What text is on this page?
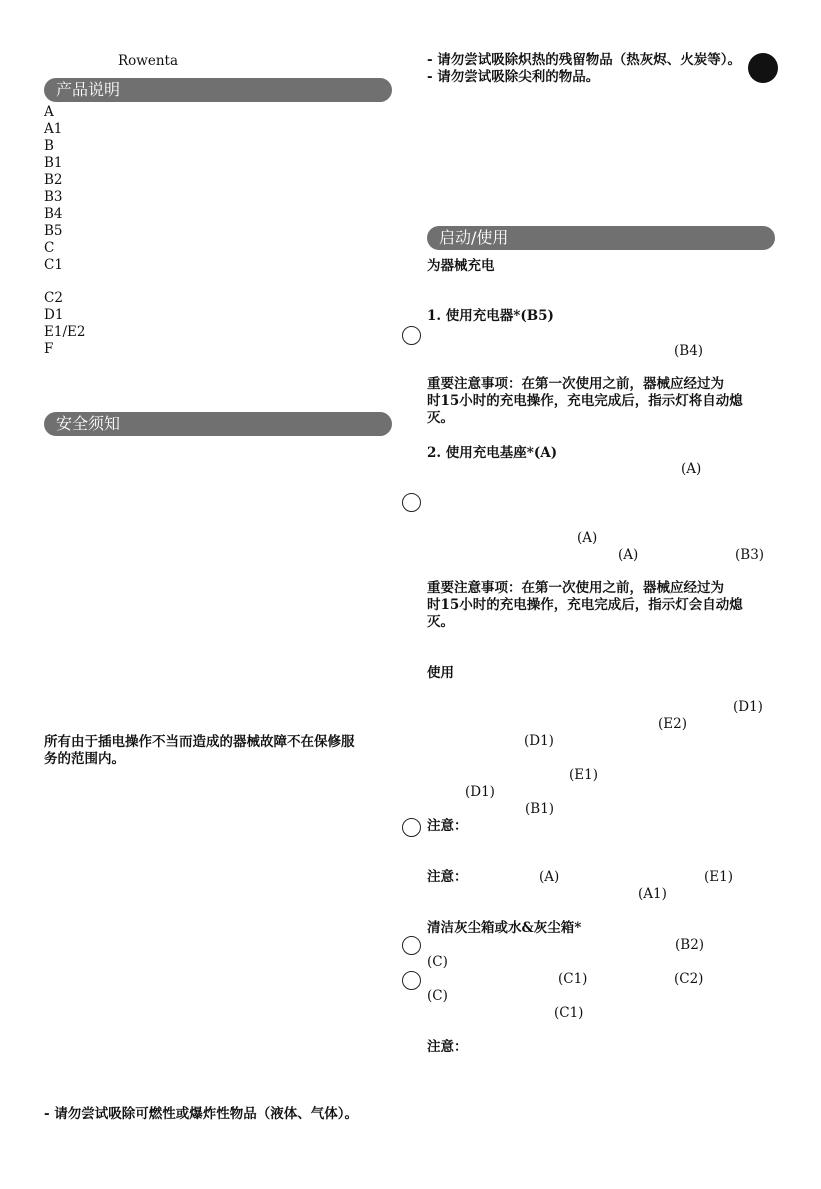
Rowenta
产品说明
A
A1
B
B1
B2
B3
B4
B5
C
C1
C2
D1
E1/E2
F
安全须知
所有由于插电操作不当而造成的器械故障不在保修服
务的范围内。
- 请勿尝试吸除可燃性或爆炸性物品（液体、气体）。
- 请勿尝试吸除炽热的残留物品（热灰烬、火炭等）。
- 请勿尝试吸除尖利的物品。
启动/使用
为器械充电
1. 使用充电器*(B5)
(B4)
重要注意事项：在第一次使用之前，器械应经过为
时15小时的充电操作，充电完成后，指示灯将自动熄
灭。
2. 使用充电基座*(A)
(A)
(A)
(A)	(B3)
重要注意事项：在第一次使用之前，器械应经过为
时15小时的充电操作，充电完成后，指示灯会自动熄
灭。
使用
(D1)
(E2)
(D1)
(E1)
(D1)
(B1)
注意：
注意：	(A)	(E1)
(A1)
清洁灰尘箱或水&灰尘箱*
(B2)
(C)
(C1)	(C2)
(C)
(C1)
注意：
